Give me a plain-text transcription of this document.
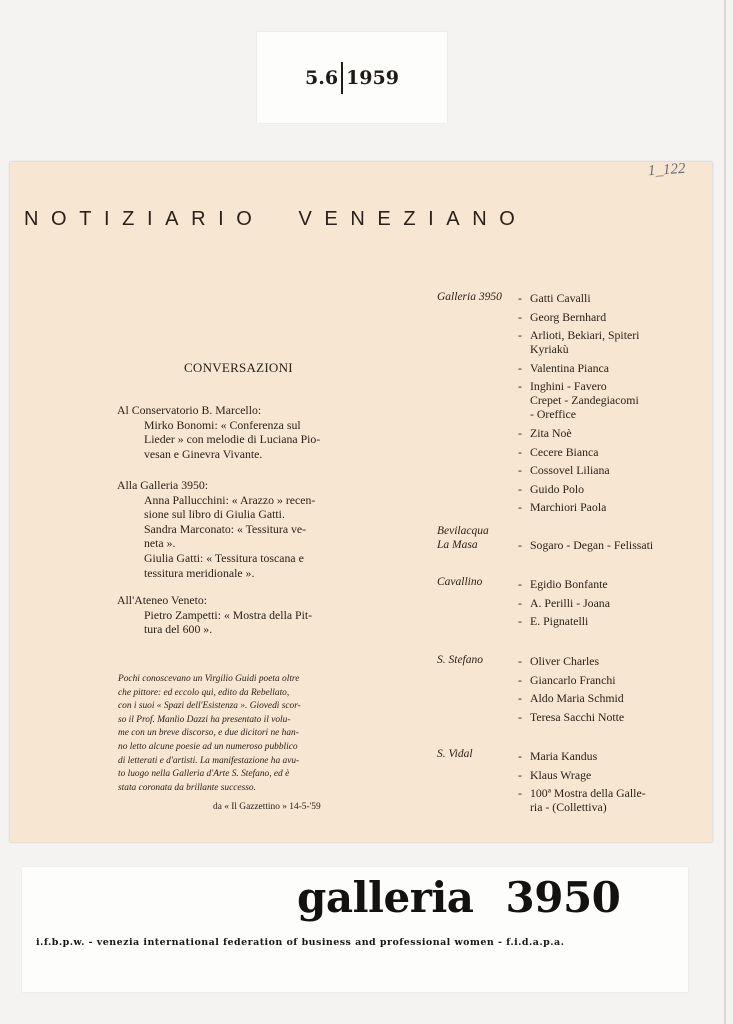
5.6 1959
1_122
NOTIZIARIO VENEZIANO
CONVERSAZIONI
Al Conservatorio B. Marcello:
Mirko Bonomi: « Conferenza sul
Lieder » con melodie di Luciana Pio-
vesan e Ginevra Vivante.
Alla Galleria 3950:
Anna Pallucchini: « Arazzo » recen-
sione sul libro di Giulia Gatti.
Sandra Marconato: « Tessitura ve-
neta ».
Giulia Gatti: « Tessitura toscana e
tessitura meridionale ».
All'Ateneo Veneto:
Pietro Zampetti: « Mostra della Pit-
tura del 600 ».

Pochi conoscevano un Virgilio Guidi poeta oltre

che pittore: ed eccolo qui, edito da Rebellato,

con i suoi « Spazi dell'Esistenza ». Giovedì scor-

so il Prof. Manlio Dazzi ha presentato il volu-

me con un breve discorso, e due dicitori ne han-

no letto alcune poesie ad un numeroso pubblico

di letterati e d'artisti. La manifestazione ha avu-

to luogo nella Galleria d'Arte S. Stefano, ed è

stata coronata da brillante successo.

da « Il Gazzettino » 14-5-'59
Galleria 3950
Bevilacqua
La Masa
Cavallino
S. Stefano
S. Vidal
- Gatti Cavalli
- Georg Bernhard
- Arlioti, Bekiari, Spiteri
Kyriakù
- Valentina Pianca
- Inghini - Favero
Crepet - Zandegiacomi
- Oreffice
- Zita Noè
- Cecere Bianca
- Cossovel Liliana
- Guido Polo
- Marchiori Paola
- Sogaro - Degan - Felissati
- Egidio Bonfante
- A. Perilli - Joana
- E. Pignatelli
- Oliver Charles
- Giancarlo Franchi
- Aldo Maria Schmid
- Teresa Sacchi Notte
- Maria Kandus
- Klaus Wrage
- 100ª Mostra della Galle-
ria - (Collettiva)
galleria 3950
i.f.b.p.w. - venezia international federation of business and professional women - f.i.d.a.p.a.
